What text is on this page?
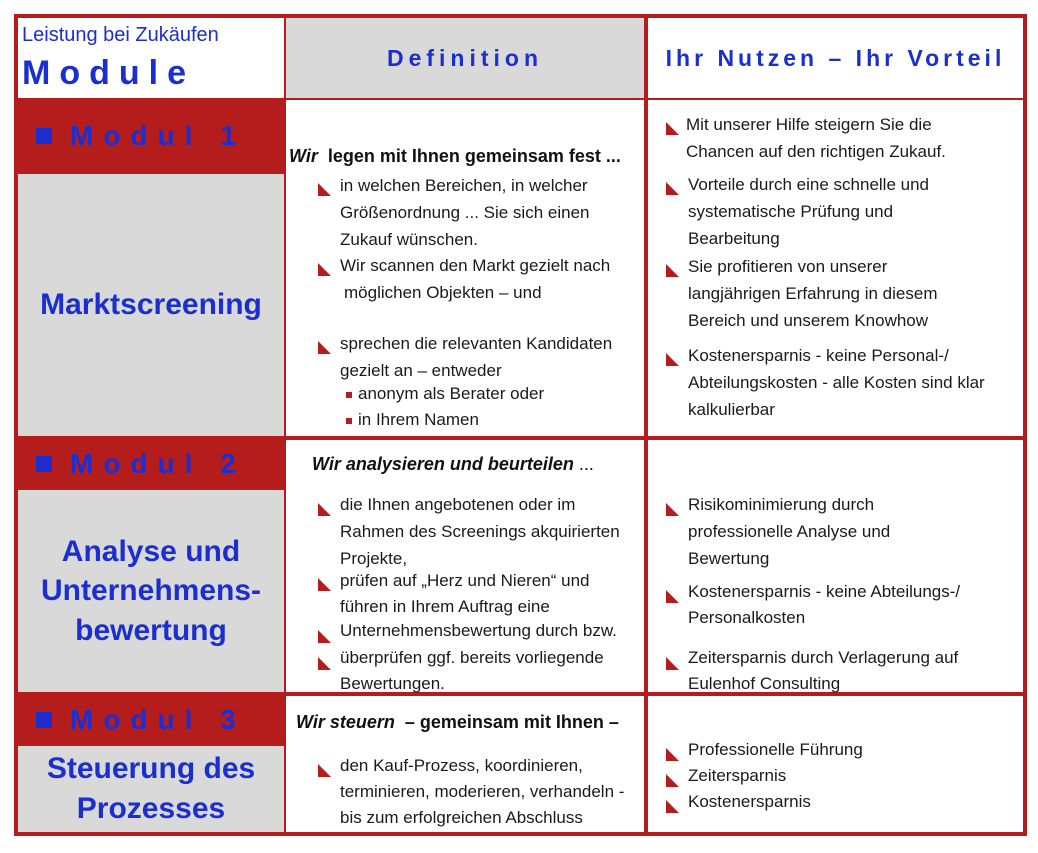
Leistung bei Zukäufen
Module	Definition	Ihr Nutzen – Ihr Vorteil
Modul 1
Marktscreening
Wir legen mit Ihnen gemeinsam fest ...
in welchen Bereichen, in welcher
Größenordnung ... Sie sich einen
Zukauf wünschen.
Wir scannen den Markt gezielt nach
möglichen Objekten – und
sprechen die relevanten Kandidaten
gezielt an – entweder
anonym als Berater oder
in Ihrem Namen
Mit unserer Hilfe steigern Sie die
Chancen auf den richtigen Zukauf.
Vorteile durch eine schnelle und
systematische Prüfung und
Bearbeitung
Sie profitieren von unserer
langjährigen Erfahrung in diesem
Bereich und unserem Knowhow
Kostenersparnis - keine Personal-/
Abteilungskosten - alle Kosten sind klar
kalkulierbar
Modul 2
Analyse und
Unternehmens-
bewertung
Wir analysieren und beurteilen ...
die Ihnen angebotenen oder im
Rahmen des Screenings akquirierten
Projekte,
prüfen auf „Herz und Nieren“ und
führen in Ihrem Auftrag eine
Unternehmensbewertung durch bzw.
überprüfen ggf. bereits vorliegende
Bewertungen.
Risikominimierung durch
professionelle Analyse und
Bewertung
Kostenersparnis - keine Abteilungs-/
Personalkosten
Zeitersparnis durch Verlagerung auf
Eulenhof Consulting
Modul 3
Steuerung des
Prozesses
Wir steuern – gemeinsam mit Ihnen –
den Kauf-Prozess, koordinieren,
terminieren, moderieren, verhandeln -
bis zum erfolgreichen Abschluss
Professionelle Führung
Zeitersparnis
Kostenersparnis
